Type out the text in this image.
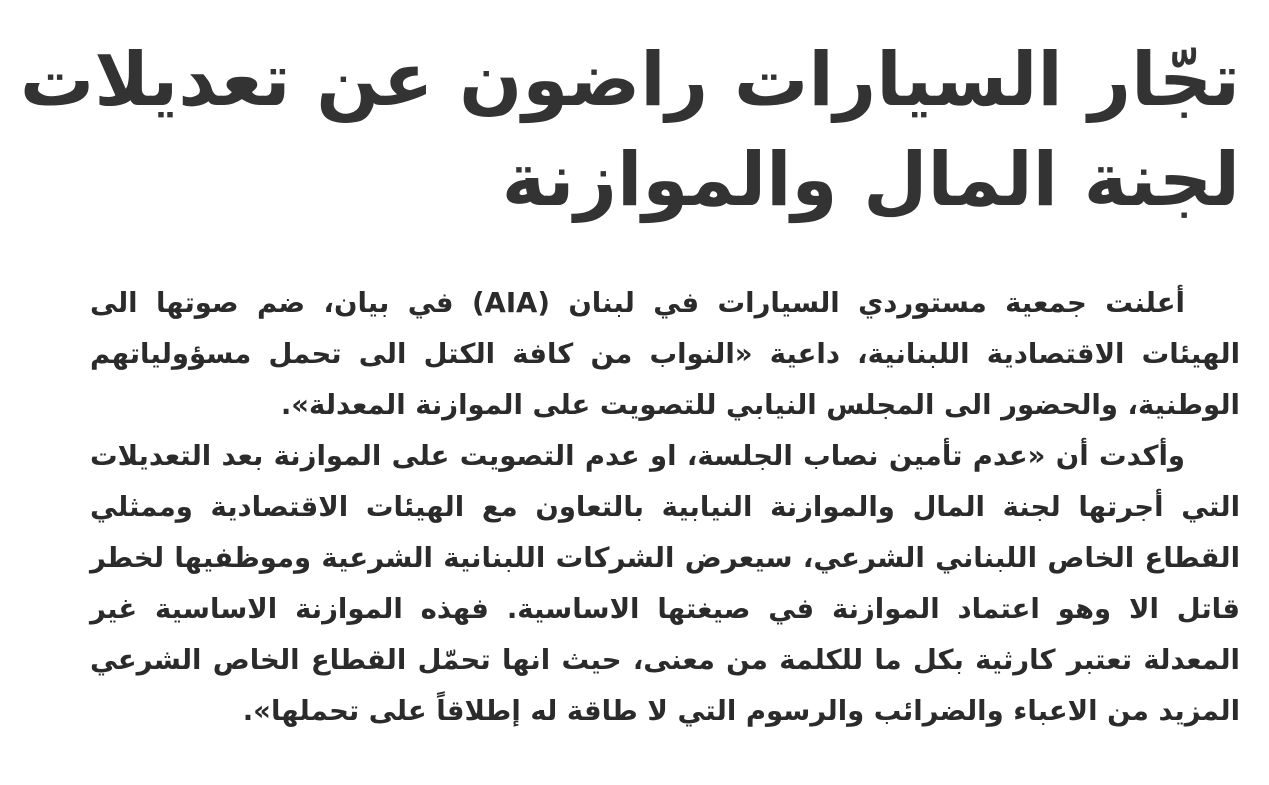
تجّار السيارات راضون عن تعديلات
لجنة المال والموازنة

أعلنت جمعية مستوردي السيارات في لبنان (AIA) في بيان، ضم صوتها الى الهيئات الاقتصادية اللبنانية، داعية «النواب من كافة الكتل الى تحمل مسؤولياتهم الوطنية، والحضور الى المجلس النيابي للتصويت على الموازنة المعدلة».

وأكدت أن «عدم تأمين نصاب الجلسة، او عدم التصويت على الموازنة بعد التعديلات التي أجرتها لجنة المال والموازنة النيابية بالتعاون مع الهيئات الاقتصادية وممثلي القطاع الخاص اللبناني الشرعي، سيعرض الشركات اللبنانية الشرعية وموظفيها لخطر قاتل الا وهو اعتماد الموازنة في صيغتها الاساسية. فهذه الموازنة الاساسية غير المعدلة تعتبر كارثية بكل ما للكلمة من معنى، حيث انها تحمّل القطاع الخاص الشرعي المزيد من الاعباء والضرائب والرسوم التي لا طاقة له إطلاقاً على تحملها».
